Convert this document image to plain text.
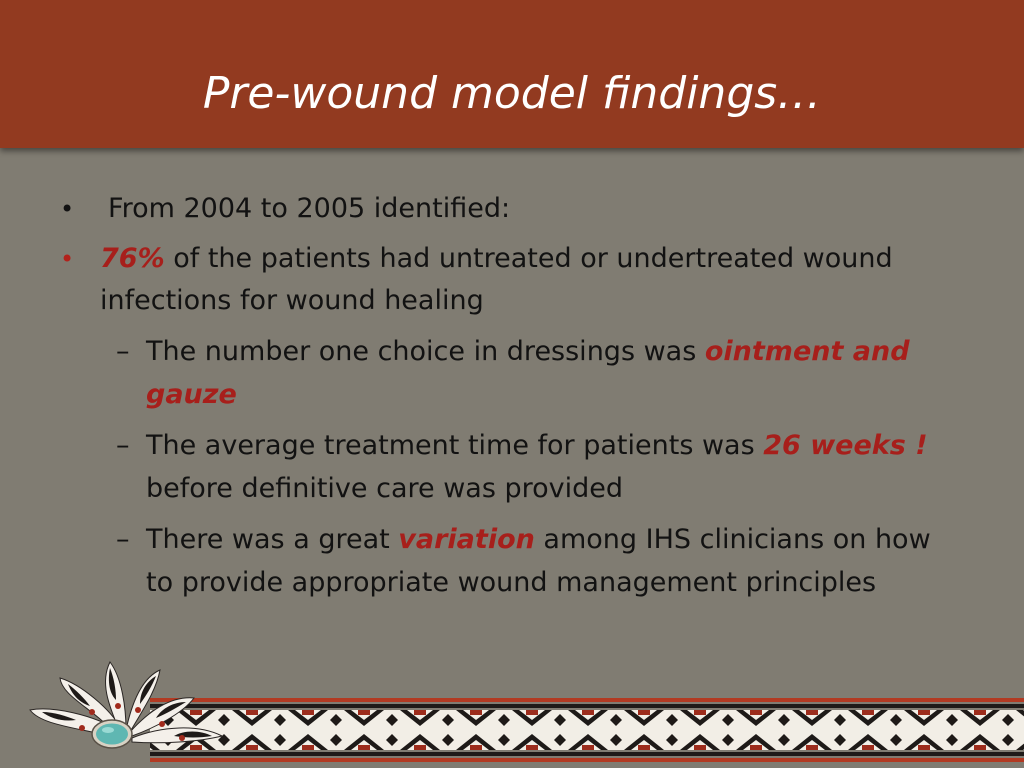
Pre-wound model findings…
• From 2004 to 2005 identified:
• 76% of the patients had untreated or undertreated wound
infections for wound healing
– The number one choice in dressings was ointment and
gauze
– The average treatment time for patients was 26 weeks !
before definitive care was provided
– There was a great variation among IHS clinicians on how
to provide appropriate wound management principles
